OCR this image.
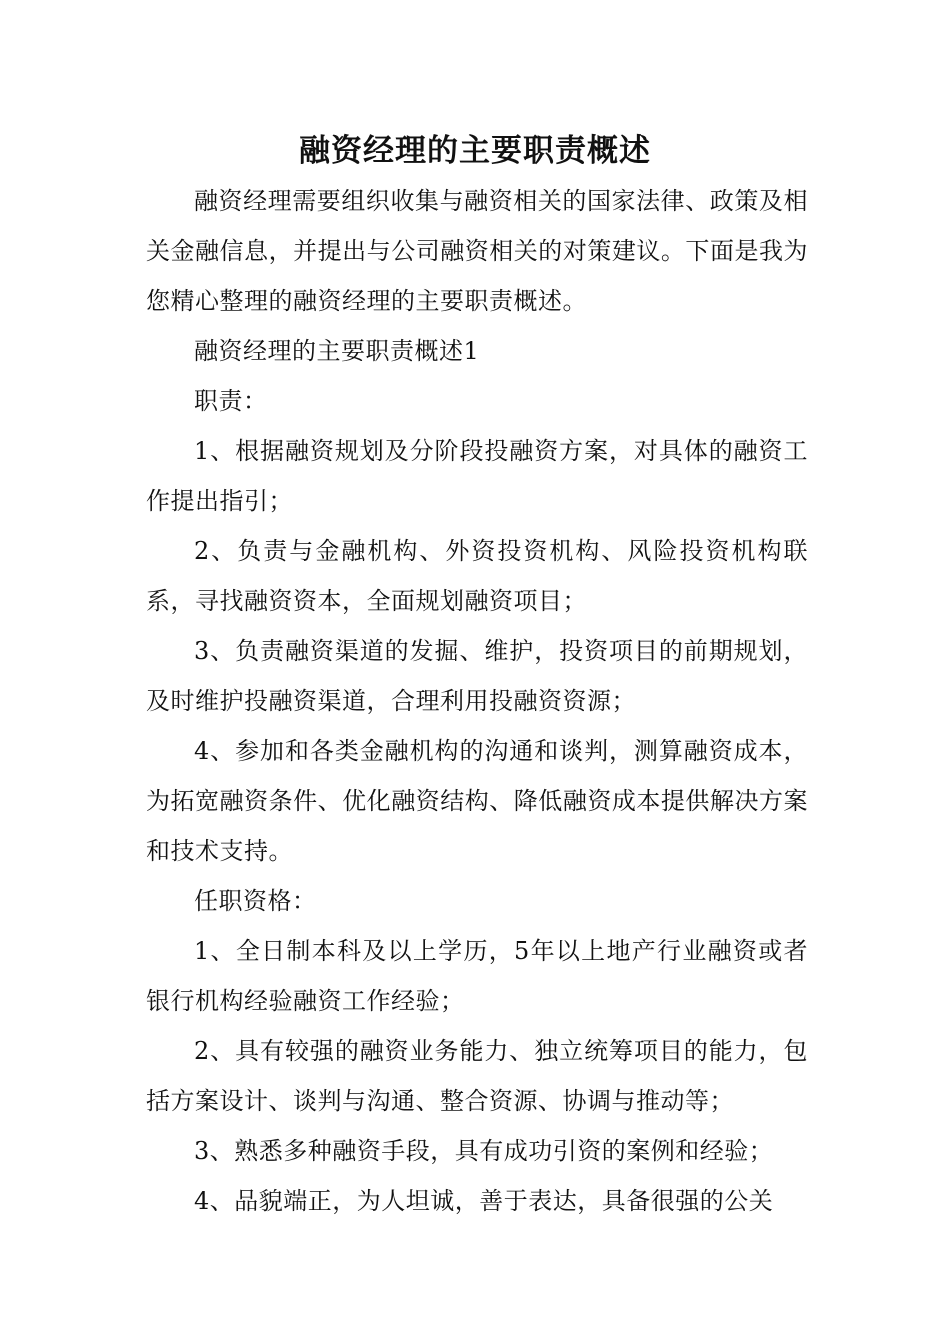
融资经理的主要职责概述

融资经理需要组织收集与融资相关的国家法律、政策及相关金融信息，并提出与公司融资相关的对策建议。下面是我为您精心整理的融资经理的主要职责概述。

融资经理的主要职责概述1

职责：

1、根据融资规划及分阶段投融资方案，对具体的融资工作提出指引；

2、负责与金融机构、外资投资机构、风险投资机构联系，寻找融资资本，全面规划融资项目；

3、负责融资渠道的发掘、维护，投资项目的前期规划，及时维护投融资渠道，合理利用投融资资源；

4、参加和各类金融机构的沟通和谈判，测算融资成本，为拓宽融资条件、优化融资结构、降低融资成本提供解决方案和技术支持。

任职资格：

1、全日制本科及以上学历，5年以上地产行业融资或者银行机构经验融资工作经验；

2、具有较强的融资业务能力、独立统筹项目的能力，包括方案设计、谈判与沟通、整合资源、协调与推动等；

3、熟悉多种融资手段，具有成功引资的案例和经验；

4、品貌端正，为人坦诚，善于表达，具备很强的公关
